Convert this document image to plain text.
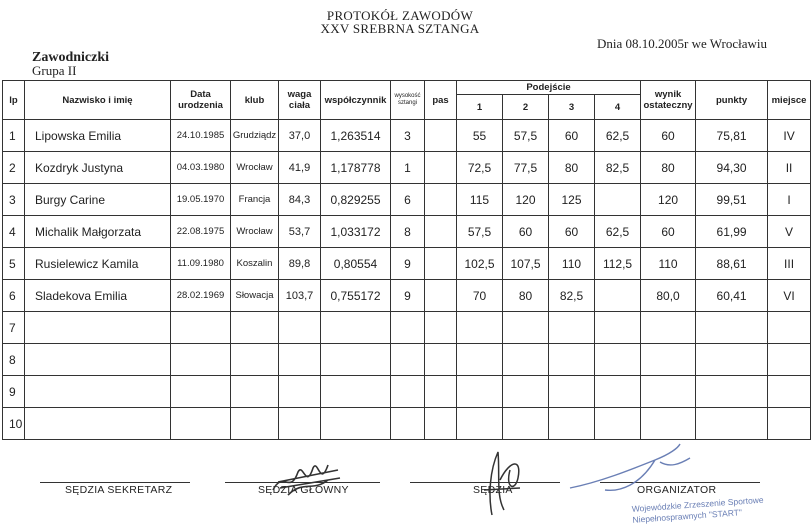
PROTOKÓŁ ZAWODÓW
XXV SREBRNA SZTANGA
Dnia 08.10.2005r we Wrocławiu
Zawodniczki
Grupa II
lp	Nazwisko i imię	Data urodzenia	klub	waga ciała	współczynnik	wysokość sztangi	pas	Podejście				wynik ostateczny	punkty	miejsce
								1	2	3	4			
1	Lipowska Emilia	24.10.1985	Grudziądz	37,0	1,263514	3		55	57,5	60	62,5	60	75,81	IV
2	Kozdryk Justyna	04.03.1980	Wrocław	41,9	1,178778	1		72,5	77,5	80	82,5	80	94,30	II
3	Burgy Carine	19.05.1970	Francja	84,3	0,829255	6		115	120	125		120	99,51	I
4	Michalik Małgorzata	22.08.1975	Wrocław	53,7	1,033172	8		57,5	60	60	62,5	60	61,99	V
5	Rusielewicz Kamila	11.09.1980	Koszalin	89,8	0,80554	9		102,5	107,5	110	112,5	110	88,61	III
6	Sladekova Emilia	28.02.1969	Słowacja	103,7	0,755172	9		70	80	82,5		80,0	60,41	VI
7														
8														
9														
10														
SĘDZIA SEKRETARZ	SĘDZIA GŁÓWNY	SĘDZIA	ORGANIZATOR
Wojewódzkie Zrzeszenie Sportowe Niepełnosprawnych "START"
